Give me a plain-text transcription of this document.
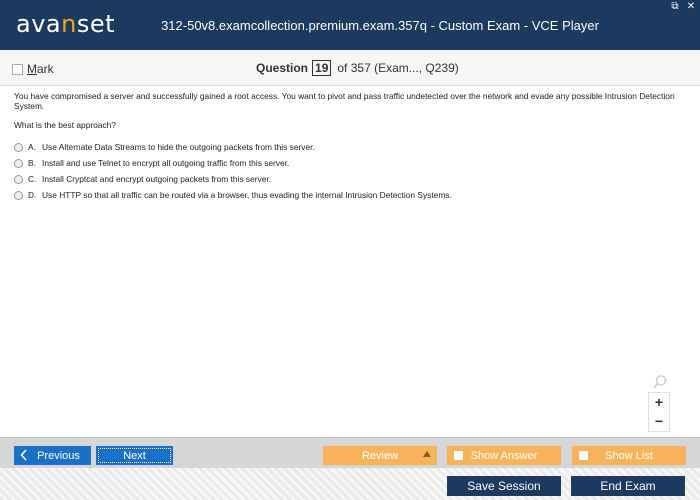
avanset	312-50v8.examcollection.premium.exam.357q - Custom Exam - VCE Player
⧉ ✕
Mark	Question 19 of 357 (Exam..., Q239)
You have compromised a server and successfully gained a root access. You want to pivot and pass traffic undetected over the network and evade any possible Intrusion Detection System.
What is the best approach?
A. Use Alternate Data Streams to hide the outgoing packets from this server.
B. Install and use Telnet to encrypt all outgoing traffic from this server.
C. Install Cryptcat and encrypt outgoing packets from this server.
D. Use HTTP so that all traffic can be routed via a browser, thus evading the internal Intrusion Detection Systems.
+
−
Previous	Next	Review	Show Answer	Show List
Save Session	End Exam
